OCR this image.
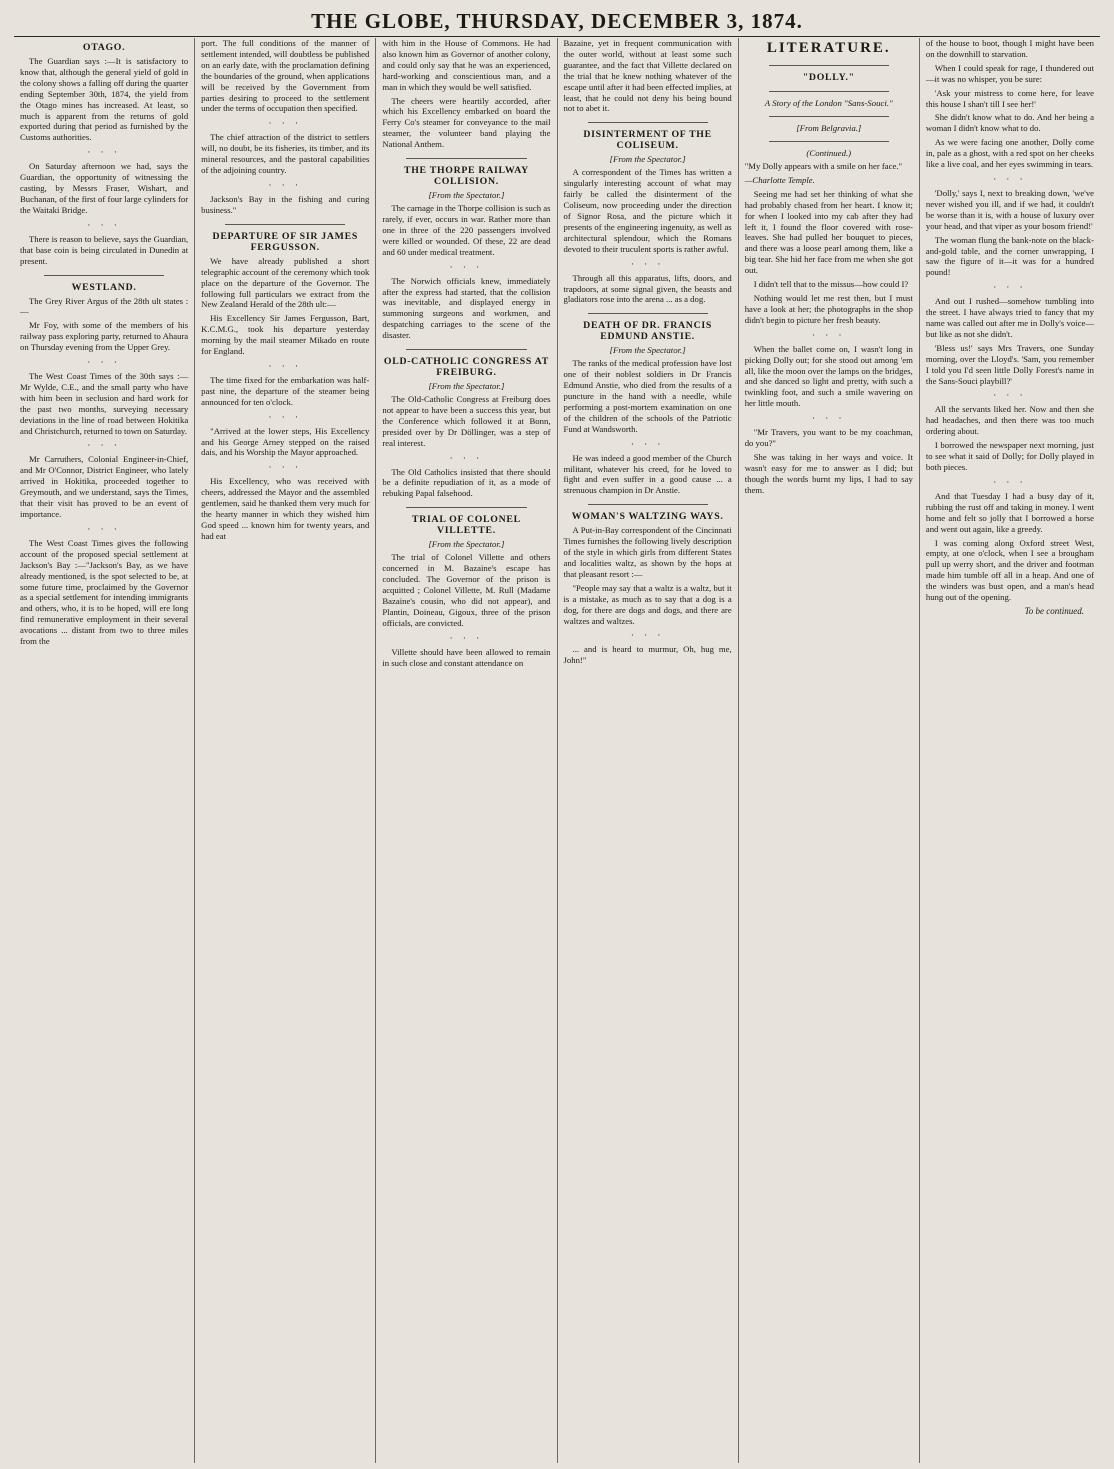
THE GLOBE, THURSDAY, DECEMBER 3, 1874.
OTAGO.

The Guardian says :—It is satisfactory to know that, although the general yield of gold in the colony shows a falling off during the quarter ending September 30th, 1874, the yield from the Otago mines has increased. At least, so much is apparent from the returns of gold exported during that period as furnished by the Customs authorities.

· · ·

On Saturday afternoon we had, says the Guardian, the opportunity of witnessing the casting, by Messrs Fraser, Wishart, and Buchanan, of the first of four large cylinders for the Waitaki Bridge.

· · ·

There is reason to believe, says the Guardian, that base coin is being circulated in Dunedin at present.

WESTLAND.

The Grey River Argus of the 28th ult states :—

Mr Foy, with some of the members of his railway pass exploring party, returned to Ahaura on Thursday evening from the Upper Grey.

· · ·

The West Coast Times of the 30th says :— Mr Wylde, C.E., and the small party who have with him been in seclusion and hard work for the past two months, surveying necessary deviations in the line of road between Hokitika and Christchurch, returned to town on Saturday.

· · ·

Mr Carruthers, Colonial Engineer-in-Chief, and Mr O'Connor, District Engineer, who lately arrived in Hokitika, proceeded together to Greymouth, and we understand, says the Times, that their visit has proved to be an event of importance.

· · ·

The West Coast Times gives the following account of the proposed special settlement at Jackson's Bay :—"Jackson's Bay, as we have already mentioned, is the spot selected to be, at some future time, proclaimed by the Governor as a special settlement for intending immigrants and others, who, it is to be hoped, will ere long find remunerative employment in their several avocations ... distant from two to three miles from the

port. The full conditions of the manner of settlement intended, will doubtless be published on an early date, with the proclamation defining the boundaries of the ground, when applications will be received by the Government from parties desiring to proceed to the settlement under the terms of occupation then specified.

· · ·

The chief attraction of the district to settlers will, no doubt, be its fisheries, its timber, and its mineral resources, and the pastoral capabilities of the adjoining country.

· · ·

Jackson's Bay in the fishing and curing business."

DEPARTURE OF SIR JAMES FERGUSSON.

We have already published a short telegraphic account of the ceremony which took place on the departure of the Governor. The following full particulars we extract from the New Zealand Herald of the 28th ult:—

His Excellency Sir James Fergusson, Bart, K.C.M.G., took his departure yesterday morning by the mail steamer Mikado en route for England.

· · ·

The time fixed for the embarkation was half-past nine, the departure of the steamer being announced for ten o'clock.

· · ·

"Arrived at the lower steps, His Excellency and his George Arney stepped on the raised dais, and his Worship the Mayor approached.

· · ·

His Excellency, who was received with cheers, addressed the Mayor and the assembled gentlemen, said he thanked them very much for the hearty manner in which they wished him God speed ... known him for twenty years, and had eat

with him in the House of Commons. He had also known him as Governor of another colony, and could only say that he was an experienced, hard-working and conscientious man, and a man in which they would be well satisfied.

The cheers were heartily accorded, after which his Excellency embarked on board the Ferry Co's steamer for conveyance to the mail steamer, the volunteer band playing the National Anthem.

THE THORPE RAILWAY COLLISION.
[From the Spectator.]

The carnage in the Thorpe collision is such as rarely, if ever, occurs in war. Rather more than one in three of the 220 passengers involved were killed or wounded. Of these, 22 are dead and 60 under medical treatment.

· · ·

The Norwich officials knew, immediately after the express had started, that the collision was inevitable, and displayed energy in summoning surgeons and workmen, and despatching carriages to the scene of the disaster.

OLD-CATHOLIC CONGRESS AT FREIBURG.
[From the Spectator.]

The Old-Catholic Congress at Freiburg does not appear to have been a success this year, but the Conference which followed it at Bonn, presided over by Dr Döllinger, was a step of real interest.

· · ·

The Old Catholics insisted that there should be a definite repudiation of it, as a mode of rebuking Papal falsehood.

TRIAL OF COLONEL VILLETTE.
[From the Spectator.]

The trial of Colonel Villette and others concerned in M. Bazaine's escape has concluded. The Governor of the prison is acquitted ; Colonel Villette, M. Rull (Madame Bazaine's cousin, who did not appear), and Plantin, Doineau, Gigoux, three of the prison officials, are convicted.

· · ·

Villette should have been allowed to remain in such close and constant attendance on

Bazaine, yet in frequent communication with the outer world, without at least some such guarantee, and the fact that Villette declared on the trial that he knew nothing whatever of the escape until after it had been effected implies, at least, that he could not deny his being bound not to abet it.

DISINTERMENT OF THE COLISEUM.
[From the Spectator.]

A correspondent of the Times has written a singularly interesting account of what may fairly be called the disinterment of the Coliseum, now proceeding under the direction of Signor Rosa, and the picture which it presents of the engineering ingenuity, as well as architectural splendour, which the Romans devoted to their truculent sports is rather awful.

· · ·

Through all this apparatus, lifts, doors, and trapdoors, at some signal given, the beasts and gladiators rose into the arena ... as a dog.

DEATH OF DR. FRANCIS EDMUND ANSTIE.
[From the Spectator.]

The ranks of the medical profession have lost one of their noblest soldiers in Dr Francis Edmund Anstie, who died from the results of a puncture in the hand with a needle, while performing a post-mortem examination on one of the children of the schools of the Patriotic Fund at Wandsworth.

· · ·

He was indeed a good member of the Church militant, whatever his creed, for he loved to fight and even suffer in a good cause ... a strenuous champion in Dr Anstie.

WOMAN'S WALTZING WAYS.

A Put-in-Bay correspondent of the Cincinnati Times furnishes the following lively description of the style in which girls from different States and localities waltz, as shown by the hops at that pleasant resort :—

"People may say that a waltz is a waltz, but it is a mistake, as much as to say that a dog is a dog, for there are dogs and dogs, and there are waltzes and waltzes.

· · ·

... and is heard to murmur, Oh, hug me, John!"

LITERATURE.
"DOLLY."
A Story of the London "Sans-Souci."
[From Belgravia.]
(Continued.)

"My Dolly appears with a smile on her face."

—Charlotte Temple.

Seeing me had set her thinking of what she had probably chased from her heart. I know it; for when I looked into my cab after they had left it, I found the floor covered with rose-leaves. She had pulled her bouquet to pieces, and there was a loose pearl among them, like a big tear. She hid her face from me when she got out.

I didn't tell that to the missus—how could I?

Nothing would let me rest then, but I must have a look at her; the photographs in the shop didn't begin to picture her fresh beauty.

· · ·

When the ballet come on, I wasn't long in picking Dolly out; for she stood out among 'em all, like the moon over the lamps on the bridges, and she danced so light and pretty, with such a twinkling foot, and such a smile wavering on her little mouth.

· · ·

"Mr Travers, you want to be my coachman, do you?"

She was taking in her ways and voice. It wasn't easy for me to answer as I did; but though the words burnt my lips, I had to say them.

of the house to boot, though I might have been on the downhill to starvation.

When I could speak for rage, I thundered out—it was no whisper, you be sure:

'Ask your mistress to come here, for leave this house I shan't till I see her!'

She didn't know what to do. And her being a woman I didn't know what to do.

As we were facing one another, Dolly come in, pale as a ghost, with a red spot on her cheeks like a live coal, and her eyes swimming in tears.

· · ·

'Dolly,' says I, next to breaking down, 'we've never wished you ill, and if we had, it couldn't be worse than it is, with a house of luxury over your head, and that viper as your bosom friend!'

The woman flung the bank-note on the black-and-gold table, and the corner unwrapping, I saw the figure of it—it was for a hundred pound!

· · ·

And out I rushed—somehow tumbling into the street. I have always tried to fancy that my name was called out after me in Dolly's voice—but like as not she didn't.

'Bless us!' says Mrs Travers, one Sunday morning, over the Lloyd's. 'Sam, you remember I told you I'd seen little Dolly Forest's name in the Sans-Souci playbill?'

· · ·

All the servants liked her. Now and then she had headaches, and then there was too much ordering about.

I borrowed the newspaper next morning, just to see what it said of Dolly; for Dolly played in both pieces.

· · ·

And that Tuesday I had a busy day of it, rubbing the rust off and taking in money. I went home and felt so jolly that I borrowed a horse and went out again, like a greedy.

I was coming along Oxford street West, empty, at one o'clock, when I see a brougham pull up werry short, and the driver and footman made him tumble off all in a heap. And one of the winders was bust open, and a man's head hung out of the opening.

To be continued.
